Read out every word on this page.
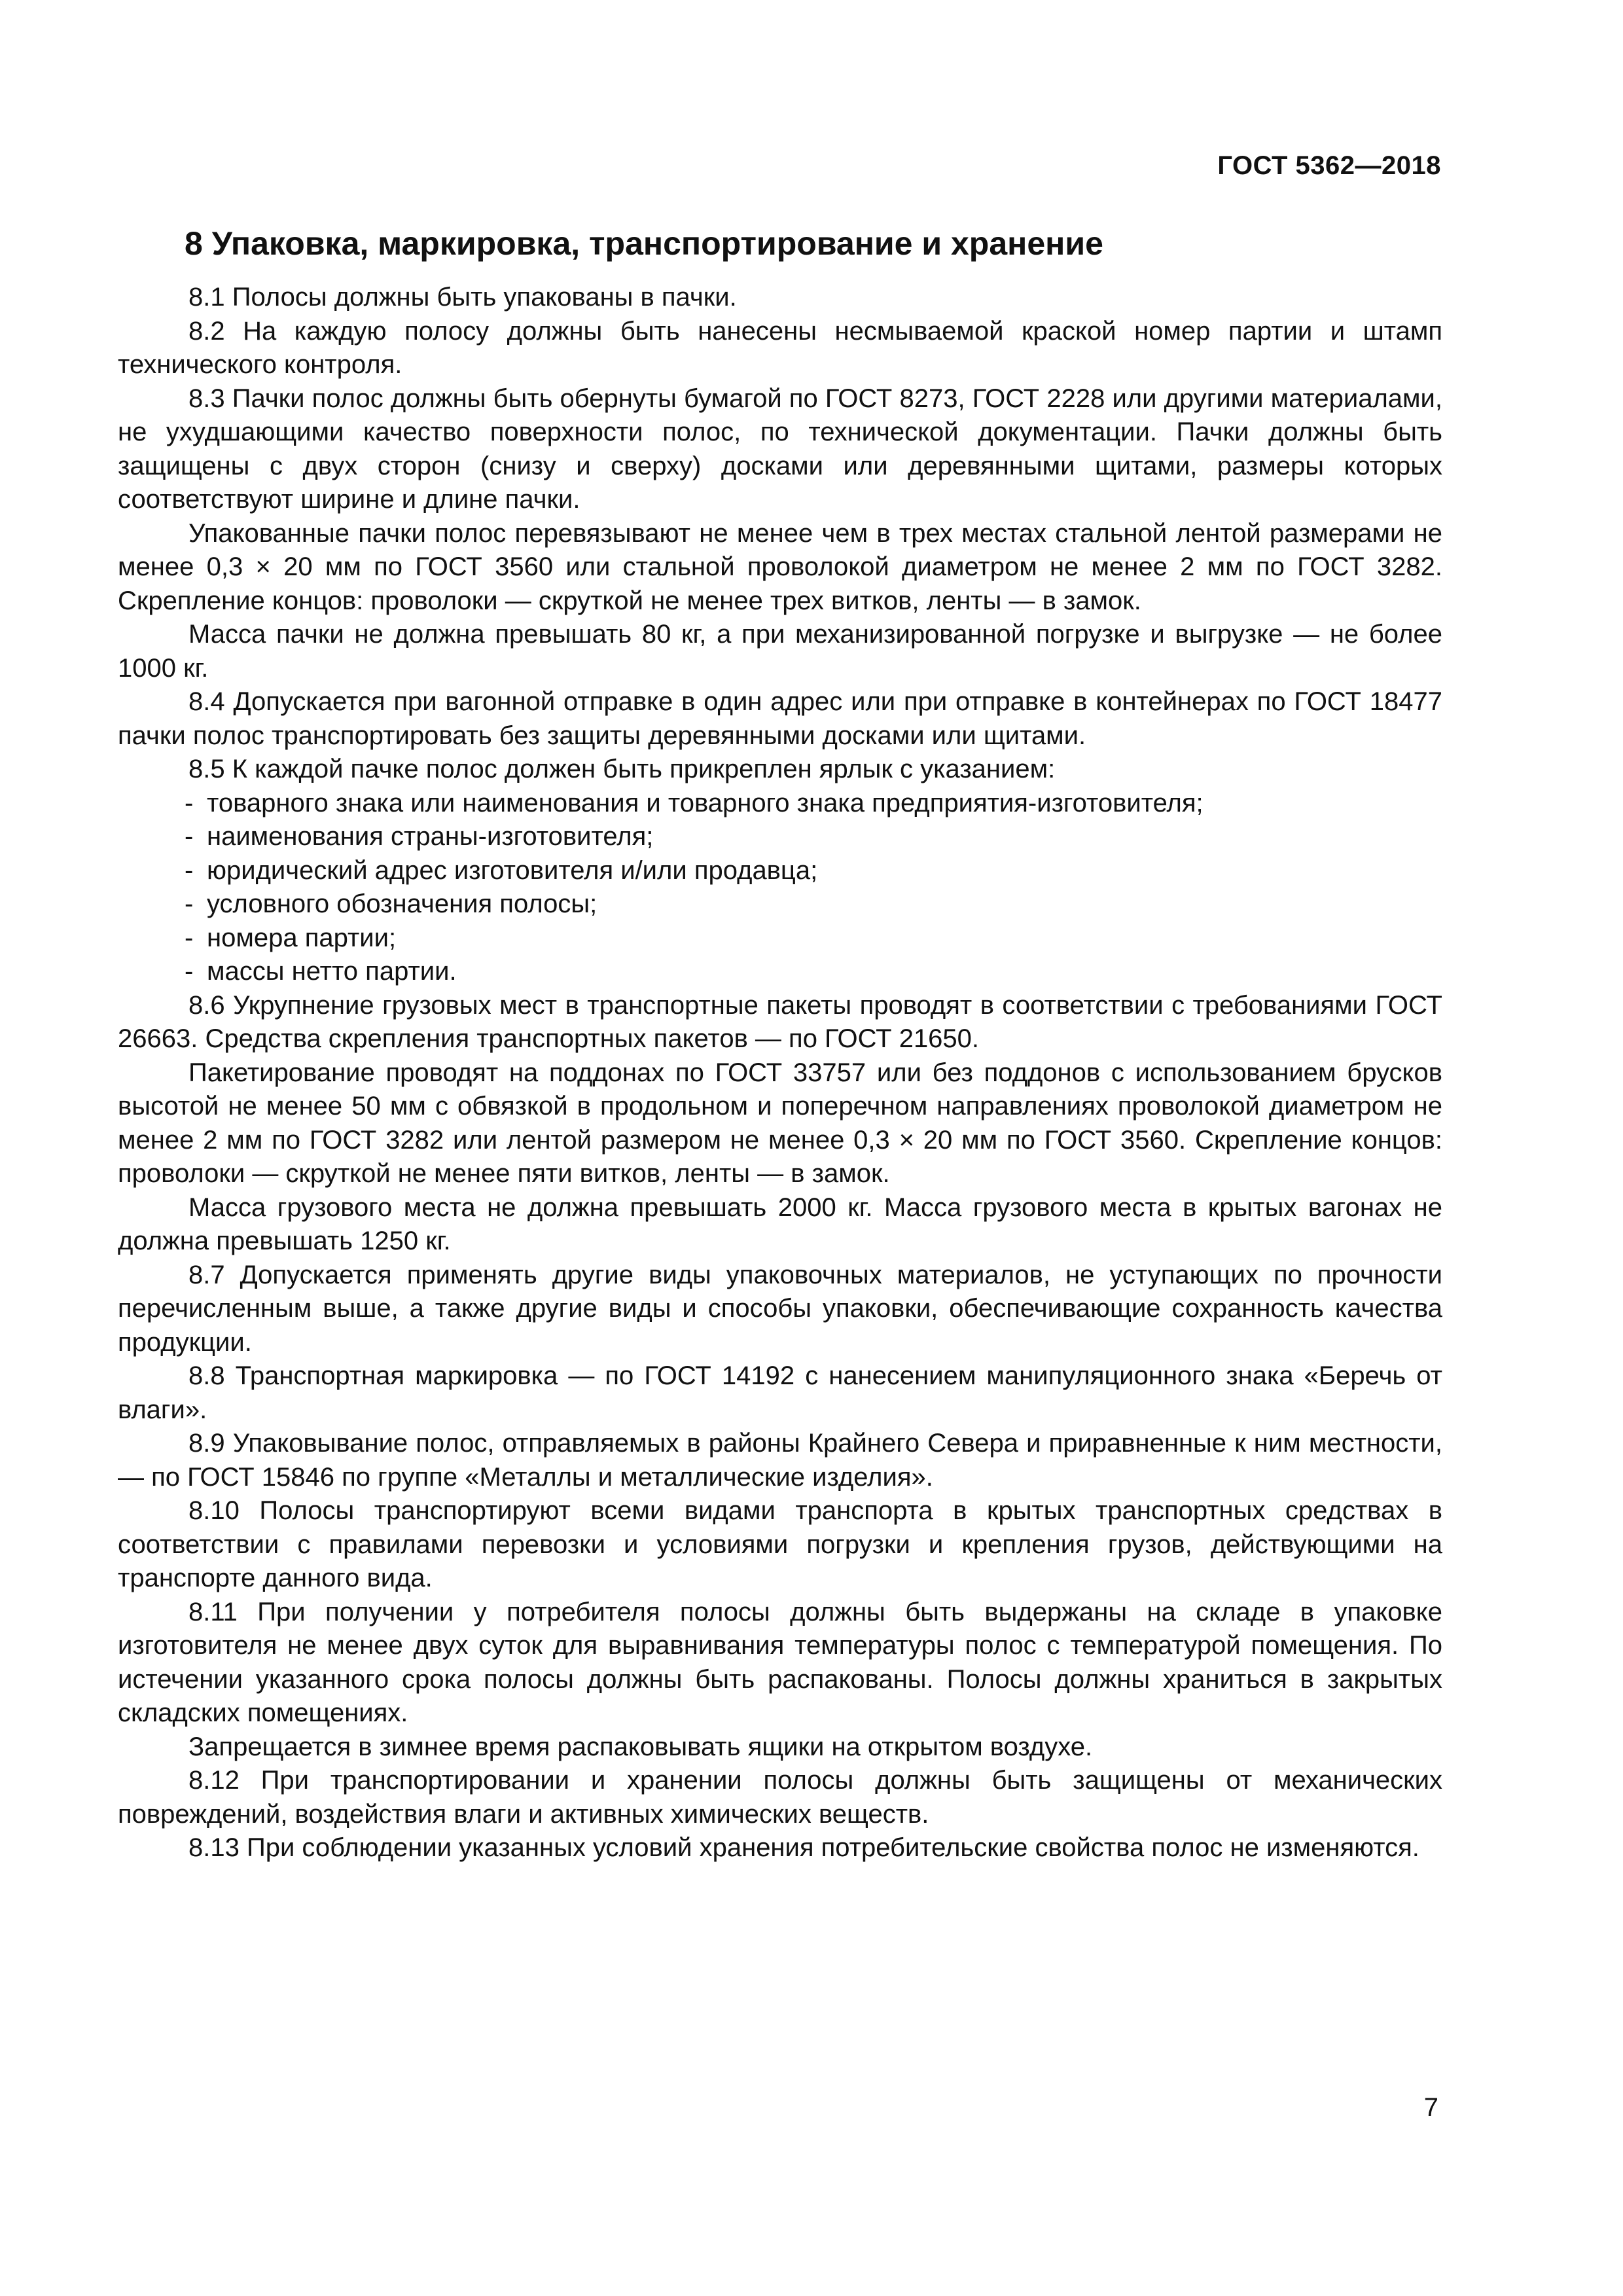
ГОСТ 5362—2018
8 Упаковка, маркировка, транспортирование и хранение

8.1 Полосы должны быть упакованы в пачки.

8.2 На каждую полосу должны быть нанесены несмываемой краской номер партии и штамп технического контроля.

8.3 Пачки полос должны быть обернуты бумагой по ГОСТ 8273, ГОСТ 2228 или другими материалами, не ухудшающими качество поверхности полос, по технической документации. Пачки должны быть защищены с двух сторон (снизу и сверху) досками или деревянными щитами, размеры которых соответствуют ширине и длине пачки.

Упакованные пачки полос перевязывают не менее чем в трех местах стальной лентой размерами не менее 0,3 × 20 мм по ГОСТ 3560 или стальной проволокой диаметром не менее 2 мм по ГОСТ 3282. Скрепление концов: проволоки — скруткой не менее трех витков, ленты — в замок.

Масса пачки не должна превышать 80 кг, а при механизированной погрузке и выгрузке — не более 1000 кг.

8.4 Допускается при вагонной отправке в один адрес или при отправке в контейнерах по ГОСТ 18477 пачки полос транспортировать без защиты деревянными досками или щитами.

8.5 К каждой пачке полос должен быть прикреплен ярлык с указанием:

- товарного знака или наименования и товарного знака предприятия-изготовителя;
- наименования страны-изготовителя;
- юридический адрес изготовителя и/или продавца;
- условного обозначения полосы;
- номера партии;
- массы нетто партии.

8.6 Укрупнение грузовых мест в транспортные пакеты проводят в соответствии с требованиями ГОСТ 26663. Средства скрепления транспортных пакетов — по ГОСТ 21650.

Пакетирование проводят на поддонах по ГОСТ 33757 или без поддонов с использованием брусков высотой не менее 50 мм с обвязкой в продольном и поперечном направлениях проволокой диаметром не менее 2 мм по ГОСТ 3282 или лентой размером не менее 0,3 × 20 мм по ГОСТ 3560. Скрепление концов: проволоки — скруткой не менее пяти витков, ленты — в замок.

Масса грузового места не должна превышать 2000 кг. Масса грузового места в крытых вагонах не должна превышать 1250 кг.

8.7 Допускается применять другие виды упаковочных материалов, не уступающих по прочности перечисленным выше, а также другие виды и способы упаковки, обеспечивающие сохранность качества продукции.

8.8 Транспортная маркировка — по ГОСТ 14192 с нанесением манипуляционного знака «Беречь от влаги».

8.9 Упаковывание полос, отправляемых в районы Крайнего Севера и приравненные к ним местности, — по ГОСТ 15846 по группе «Металлы и металлические изделия».

8.10 Полосы транспортируют всеми видами транспорта в крытых транспортных средствах в соответствии с правилами перевозки и условиями погрузки и крепления грузов, действующими на транспорте данного вида.

8.11 При получении у потребителя полосы должны быть выдержаны на складе в упаковке изготовителя не менее двух суток для выравнивания температуры полос с температурой помещения. По истечении указанного срока полосы должны быть распакованы. Полосы должны храниться в закрытых складских помещениях.

Запрещается в зимнее время распаковывать ящики на открытом воздухе.

8.12 При транспортировании и хранении полосы должны быть защищены от механических повреждений, воздействия влаги и активных химических веществ.

8.13 При соблюдении указанных условий хранения потребительские свойства полос не изменяются.

7
